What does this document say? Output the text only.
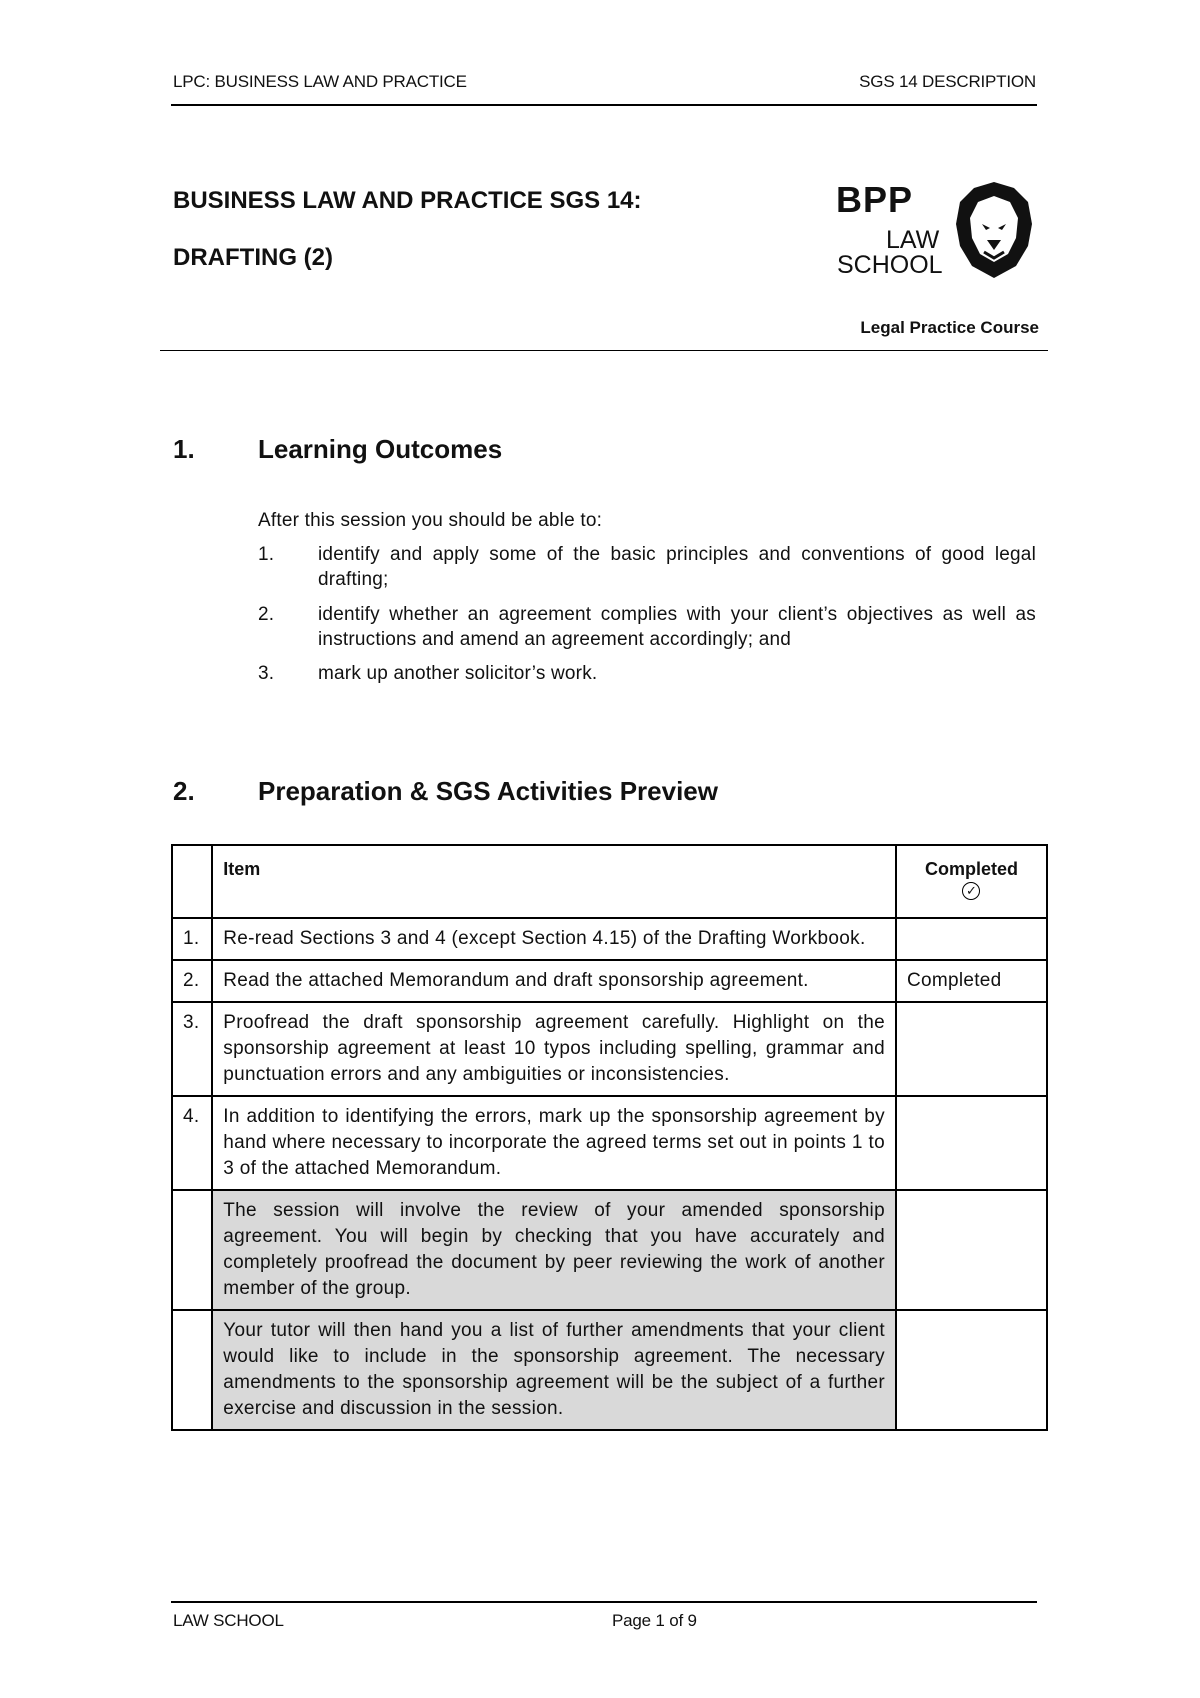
LPC: BUSINESS LAW AND PRACTICE	SGS 14 DESCRIPTION
BUSINESS LAW AND PRACTICE SGS 14:
DRAFTING (2)
BPP
LAW
SCHOOL
Legal Practice Course
1. Learning Outcomes
After this session you should be able to:
1. identify and apply some of the basic principles and conventions of good legal drafting;
2. identify whether an agreement complies with your client’s objectives as well as instructions and amend an agreement accordingly; and
3. mark up another solicitor’s work.
2. Preparation & SGS Activities Preview
	Item	Completed
✓

1.	Re-read Sections 3 and 4 (except Section 4.15) of the Drafting Workbook.	
2.	Read the attached Memorandum and draft sponsorship agreement.	Completed
3.	Proofread the draft sponsorship agreement carefully. Highlight on the sponsorship agreement at least 10 typos including spelling, grammar and punctuation errors and any ambiguities or inconsistencies.	
4.	In addition to identifying the errors, mark up the sponsorship agreement by hand where necessary to incorporate the agreed terms set out in points 1 to 3 of the attached Memorandum.	
	The session will involve the review of your amended sponsorship agreement. You will begin by checking that you have accurately and completely proofread the document by peer reviewing the work of another member of the group.	
	Your tutor will then hand you a list of further amendments that your client would like to include in the sponsorship agreement. The necessary amendments to the sponsorship agreement will be the subject of a further exercise and discussion in the session.	
LAW SCHOOL	Page 1 of 9
